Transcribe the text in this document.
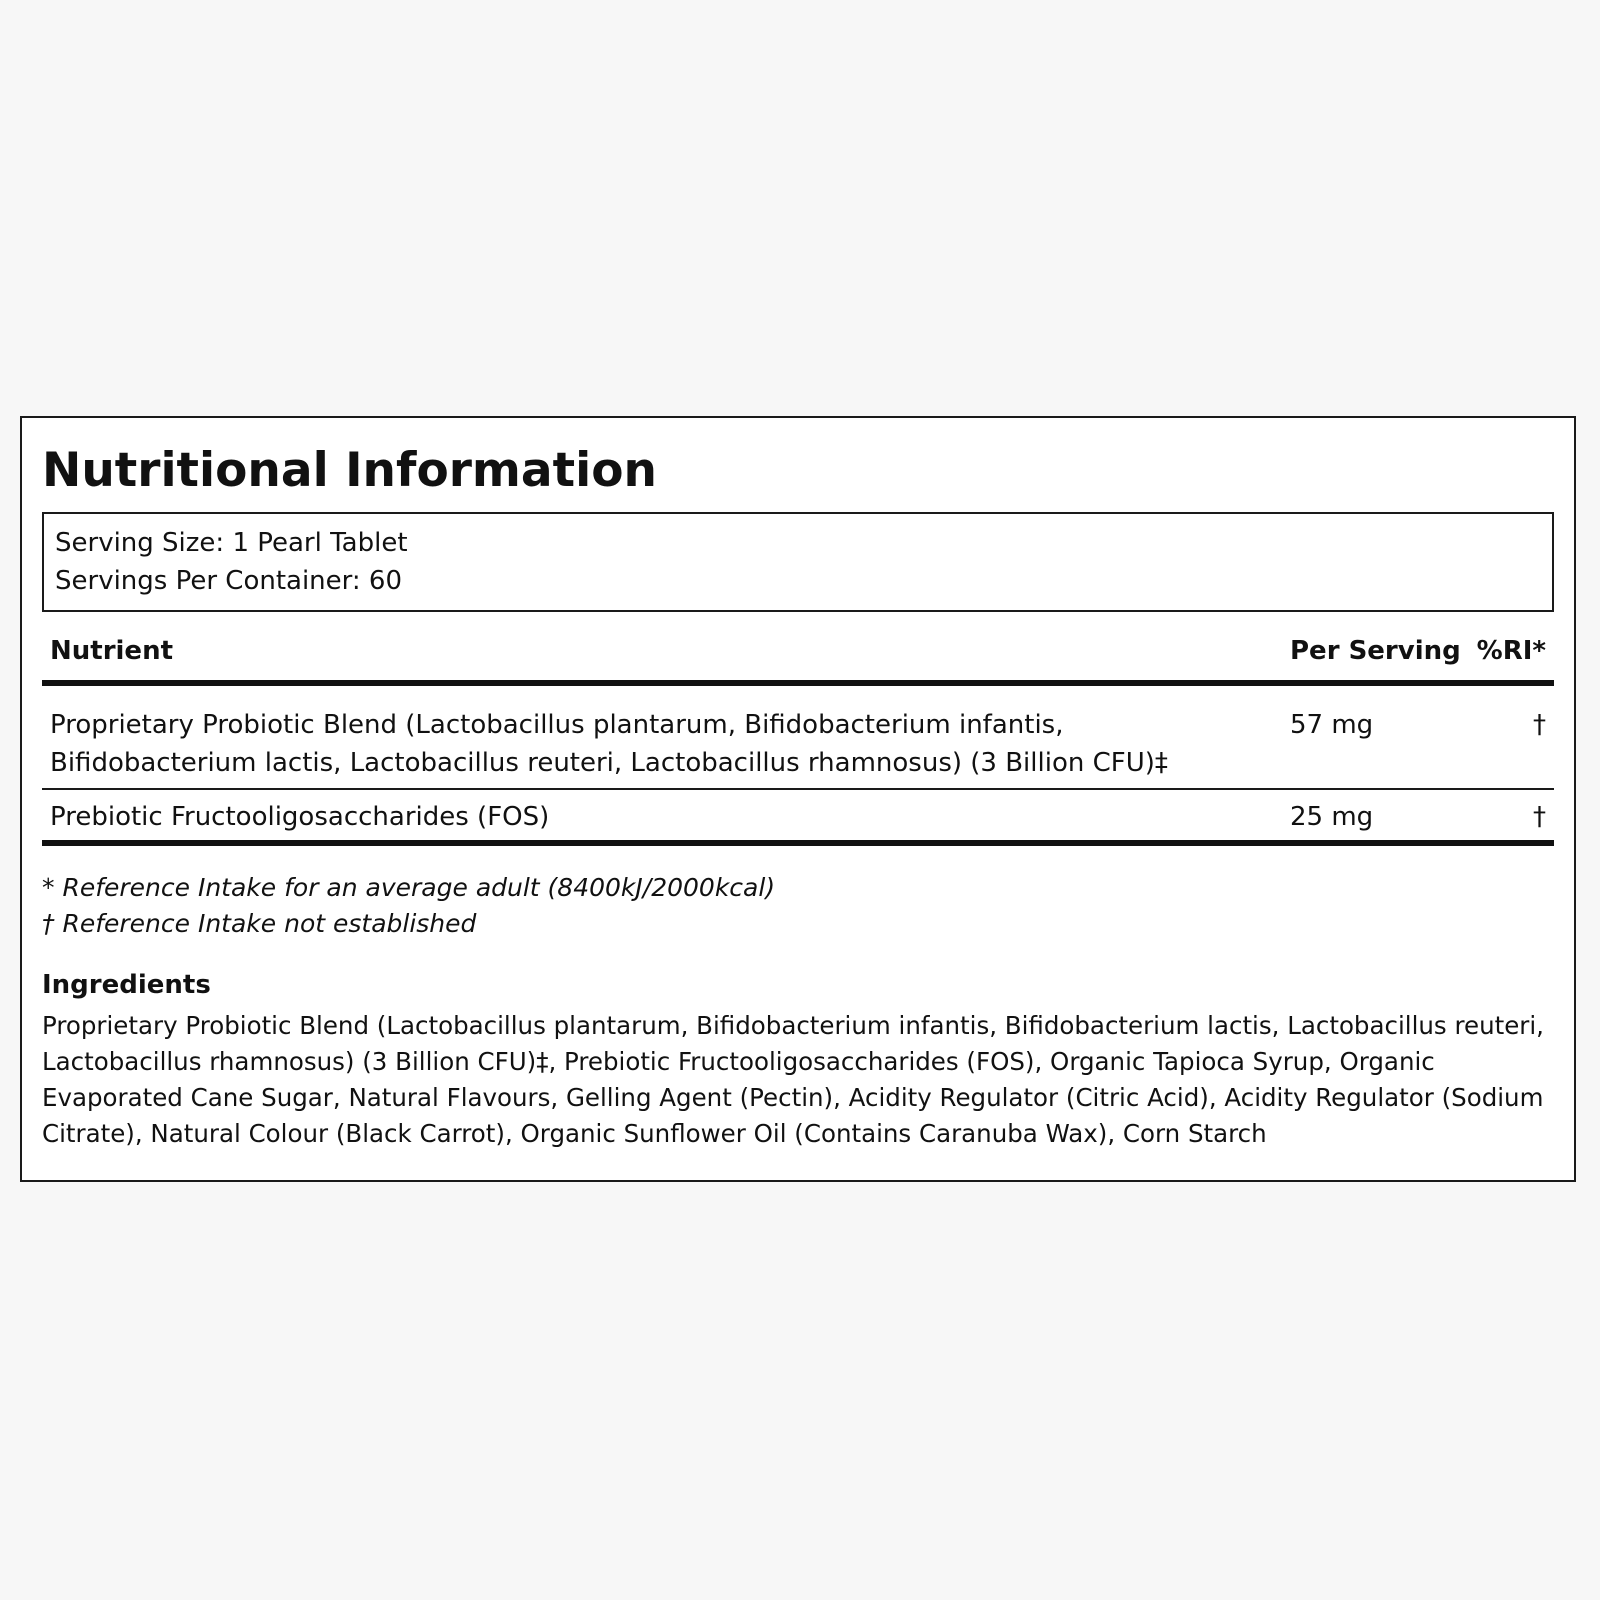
Nutritional Information
Serving Size: 1 Pearl Tablet
Servings Per Container: 60
Nutrient	Per Serving	%RI*
Proprietary Probiotic Blend (Lactobacillus plantarum, Bifidobacterium infantis, Bifidobacterium lactis, Lactobacillus reuteri, Lactobacillus rhamnosus) (3 Billion CFU)‡	57 mg	†
Prebiotic Fructooligosaccharides (FOS)	25 mg	†
* Reference Intake for an average adult (8400kJ/2000kcal)
† Reference Intake not established
Ingredients
Proprietary Probiotic Blend (Lactobacillus plantarum, Bifidobacterium infantis, Bifidobacterium lactis, Lactobacillus reuteri, Lactobacillus rhamnosus) (3 Billion CFU)‡, Prebiotic Fructooligosaccharides (FOS), Organic Tapioca Syrup, Organic Evaporated Cane Sugar, Natural Flavours, Gelling Agent (Pectin), Acidity Regulator (Citric Acid), Acidity Regulator (Sodium Citrate), Natural Colour (Black Carrot), Organic Sunflower Oil (Contains Caranuba Wax), Corn Starch
